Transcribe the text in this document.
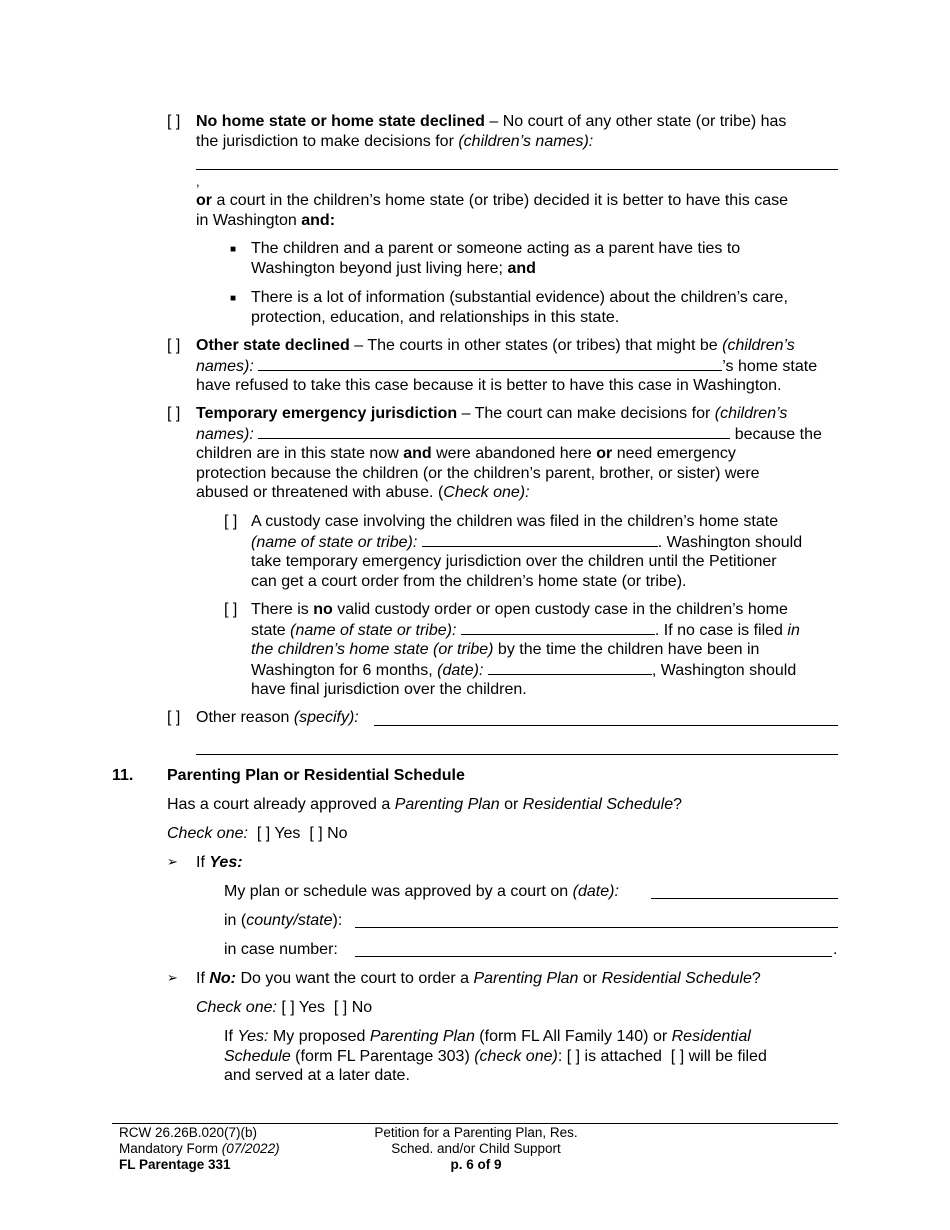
[ ] No home state or home state declined – No court of any other state (or tribe) has
the jurisdiction to make decisions for (children’s names):
,
or a court in the children’s home state (or tribe) decided it is better to have this case
in Washington and:
■ The children and a parent or someone acting as a parent have ties to
Washington beyond just living here; and
■ There is a lot of information (substantial evidence) about the children’s care,
protection, education, and relationships in this state.
[ ] Other state declined – The courts in other states (or tribes) that might be (children’s
names):	’s home state
have refused to take this case because it is better to have this case in Washington.
[ ] Temporary emergency jurisdiction – The court can make decisions for (children’s
names):	because the
children are in this state now and were abandoned here or need emergency
protection because the children (or the children’s parent, brother, or sister) were
abused or threatened with abuse. (Check one):
[ ] A custody case involving the children was filed in the children’s home state
(name of state or tribe):	. Washington should
take temporary emergency jurisdiction over the children until the Petitioner
can get a court order from the children’s home state (or tribe).
[ ] There is no valid custody order or open custody case in the children’s home
state (name of state or tribe):	. If no case is filed in
the children’s home state (or tribe) by the time the children have been in
Washington for 6 months, (date):	, Washington should
have final jurisdiction over the children.
[ ] Other reason (specify):
11. Parenting Plan or Residential Schedule
Has a court already approved a Parenting Plan or Residential Schedule?
Check one: [ ] Yes [ ] No
➢ If Yes:
My plan or schedule was approved by a court on (date):
in (county/state):
in case number:	.
➢ If No: Do you want the court to order a Parenting Plan or Residential Schedule?
Check one: [ ] Yes [ ] No
If Yes: My proposed Parenting Plan (form FL All Family 140) or Residential
Schedule (form FL Parentage 303) (check one): [ ] is attached [ ] will be filed
and served at a later date.
RCW 26.26B.020(7)(b)
Mandatory Form (07/2022)
FL Parentage 331
Petition for a Parenting Plan, Res.
Sched. and/or Child Support
p. 6 of 9
